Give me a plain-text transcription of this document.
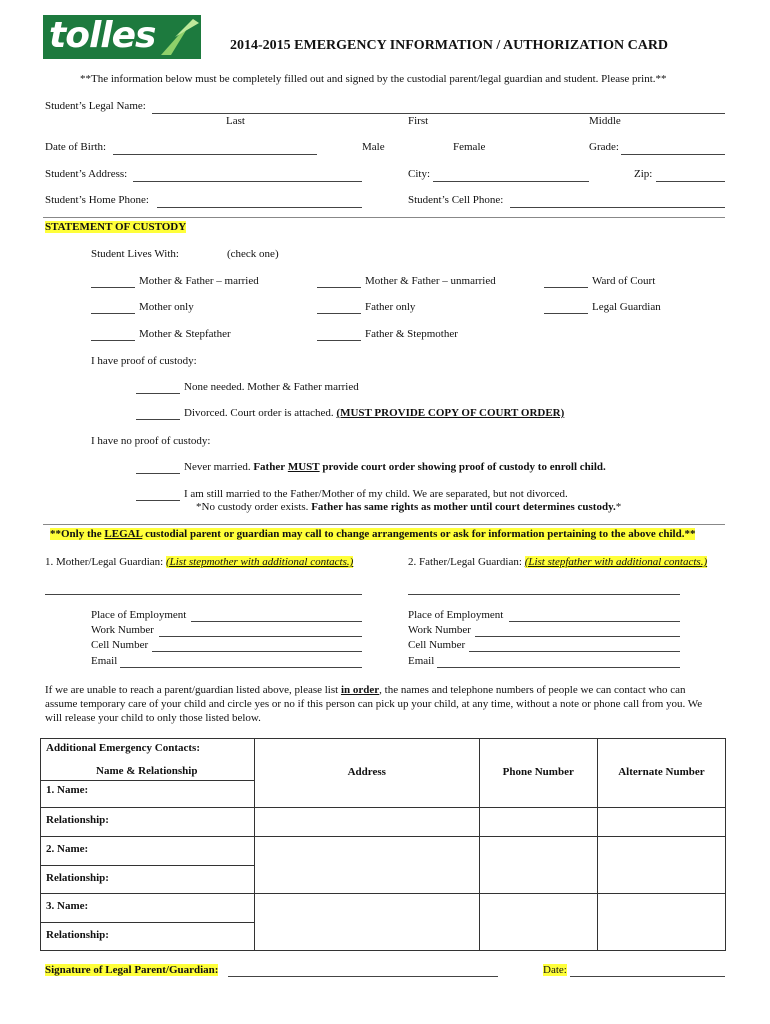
tolles	2014-2015 EMERGENCY INFORMATION / AUTHORIZATION CARD
**The information below must be completely filled out and signed by the custodial parent/legal guardian and student. Please print.**
Student’s Legal Name:
Last	First	Middle
Date of Birth:	Male	Female	Grade:
Student’s Address:	City:	Zip:
Student’s Home Phone:	Student’s Cell Phone:
STATEMENT OF CUSTODY
Student Lives With:	(check one)
Mother & Father – married	Mother & Father – unmarried	Ward of Court
Mother only	Father only	Legal Guardian
Mother & Stepfather	Father & Stepmother
I have proof of custody:
None needed. Mother & Father married
Divorced. Court order is attached. (MUST PROVIDE COPY OF COURT ORDER)
I have no proof of custody:
Never married. Father MUST provide court order showing proof of custody to enroll child.
I am still married to the Father/Mother of my child. We are separated, but not divorced.
*No custody order exists. Father has same rights as mother until court determines custody.*
**Only the LEGAL custodial parent or guardian may call to change arrangements or ask for information pertaining to the above child.**
1. Mother/Legal Guardian: (List stepmother with additional contacts.)	2. Father/Legal Guardian: (List stepfather with additional contacts.)
Place of Employment
Work Number
Cell Number
Email
Place of Employment
Work Number
Cell Number
Email
If we are unable to reach a parent/guardian listed above, please list in order, the names and telephone numbers of people we can contact who can
assume temporary care of your child and circle yes or no if this person can pick up your child, at any time, without a note or phone call from you. We
will release your child to only those listed below.
Additional Emergency Contacts:
Name & Relationship	Address	Phone Number	Alternate Number

1. Name:			

Relationship:			

2. Name:			

Relationship:			

3. Name:			

Relationship:			
Signature of Legal Parent/Guardian:	Date:
